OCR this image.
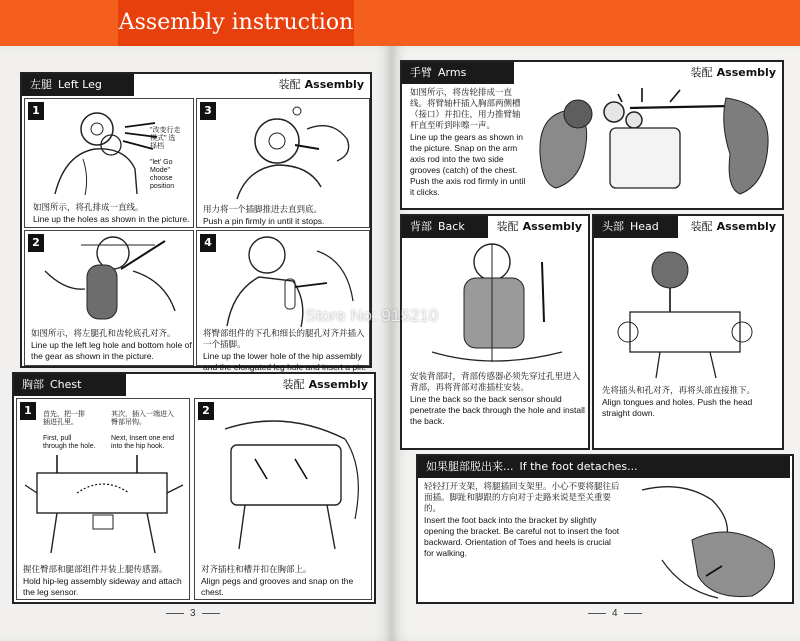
Assembly instruction
左腿 Left Leg	装配 Assembly
1

"改变行走
模式" 选
择档

"let' Go Mode"
choose position

如图所示，将孔排成一直线。
Line up the holes as shown in the picture.
3
用力将一个插脚推进去直到底。
Push a pin firmly in until it stops.
2
如图所示，将左腿孔和齿轮底孔对齐。
Line up the left leg hole and bottom hole of the gear as shown in the picture.
4
将臀部组件的下孔和细长的腿孔对齐并插入一个插脚。
Line up the lower hole of the hip assembly and the elongated leg hole and insert a pin.
胸部 Chest	装配 Assembly
1	首先，把一排
插进孔里。

First, pull
through the hole.

其次，插入一端进入
臀部吊钩。

Next, Insert one end
into the hip hook.

握住臀部和腿部组件并装上腿传感器。
Hold hip-leg assembly sideway and attach the leg sensor.
2
对齐插柱和槽并扣在胸部上。
Align pegs and grooves and snap on the chest.
3
手臂 Arms	装配 Assembly
如图所示，将齿轮排成一直线。将臂轴杆插入胸部两侧槽（接口）并扣住，用力推臂轴杆直至听到咔嚓一声。
Line up the gears as shown in the picture. Snap on the arm axis rod into the two side grooves (catch) of the chest. Push the axis rod firmly in until it clicks.
背部 Back	装配 Assembly
安装背部时，背部传感器必须先穿过孔里进入背部，再将背部对准插柱安装。
Line the back so the back sensor should penetrate the back through the hole and install the back.
头部 Head	装配 Assembly
先将插头和孔对齐，再将头部直接推下。
Align tongues and holes. Push the head straight down.
如果腿部脱出来... If the foot detaches...
轻轻打开支架，将腿插回支架里。小心不要将腿往后面插。脚趾和脚跟的方向对于走路来说是至关重要的。
Insert the foot back into the bracket by slightly opening the bracket. Be careful not to insert the foot backward. Orientation of Toes and heels is crucial for walking.
4
Store No: 915210
